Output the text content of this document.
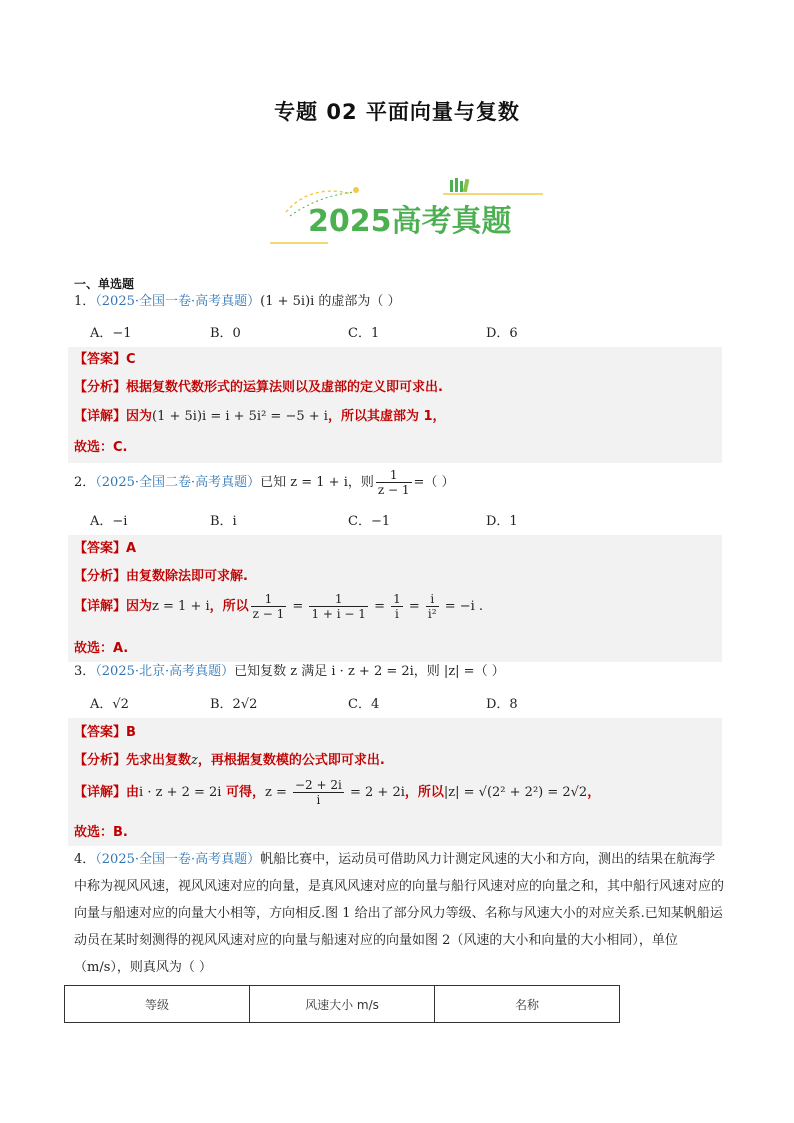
专题 02 平面向量与复数
2025高考真题
一、单选题
1．（2025·全国一卷·高考真题）(1 + 5i)i 的虚部为（ ）
A．−1	B．0	C．1	D．6
【答案】C
【分析】根据复数代数形式的运算法则以及虚部的定义即可求出.
【详解】因为(1 + 5i)i = i + 5i² = −5 + i，所以其虚部为 1，
故选：C.
2．（2025·全国二卷·高考真题）已知 z = 1 + i，则 $\frac{1}{z - 1}$ =（ ）
A．−i	B．i	C．−1	D．1
【答案】A
【分析】由复数除法即可求解.
【详解】因为z = 1 + i，所以 $\frac{1}{z - 1} = \frac{1}{1 + i - 1} = \frac{1}{i} = \frac{i}{\text{i²}} = -i$ .
故选：A.
3．（2025·北京·高考真题）已知复数 z 满足 i · z + 2 = 2i，则 |z| =（ ）
A．√2	B．2√2	C．4	D．8
【答案】B
【分析】先求出复数z，再根据复数模的公式即可求出.
【详解】由i · z + 2 = 2i 可得，$z = \frac{-2 + 2i}{i} = 2 + 2i$，所以|z| = √(2² + 2²) = 2√2，
故选：B.
4．（2025·全国一卷·高考真题）帆船比赛中，运动员可借助风力计测定风速的大小和方向，测出的结果在航海学中称为视风风速，视风风速对应的向量，是真风风速对应的向量与船行风速对应的向量之和，其中船行风速对应的向量与船速对应的向量大小相等，方向相反.图 1 给出了部分风力等级、名称与风速大小的对应关系.已知某帆船运动员在某时刻测得的视风风速对应的向量与船速对应的向量如图 2（风速的大小和向量的大小相同），单位（m/s），则真风为（ ）
等级	风速大小 m/s	名称
